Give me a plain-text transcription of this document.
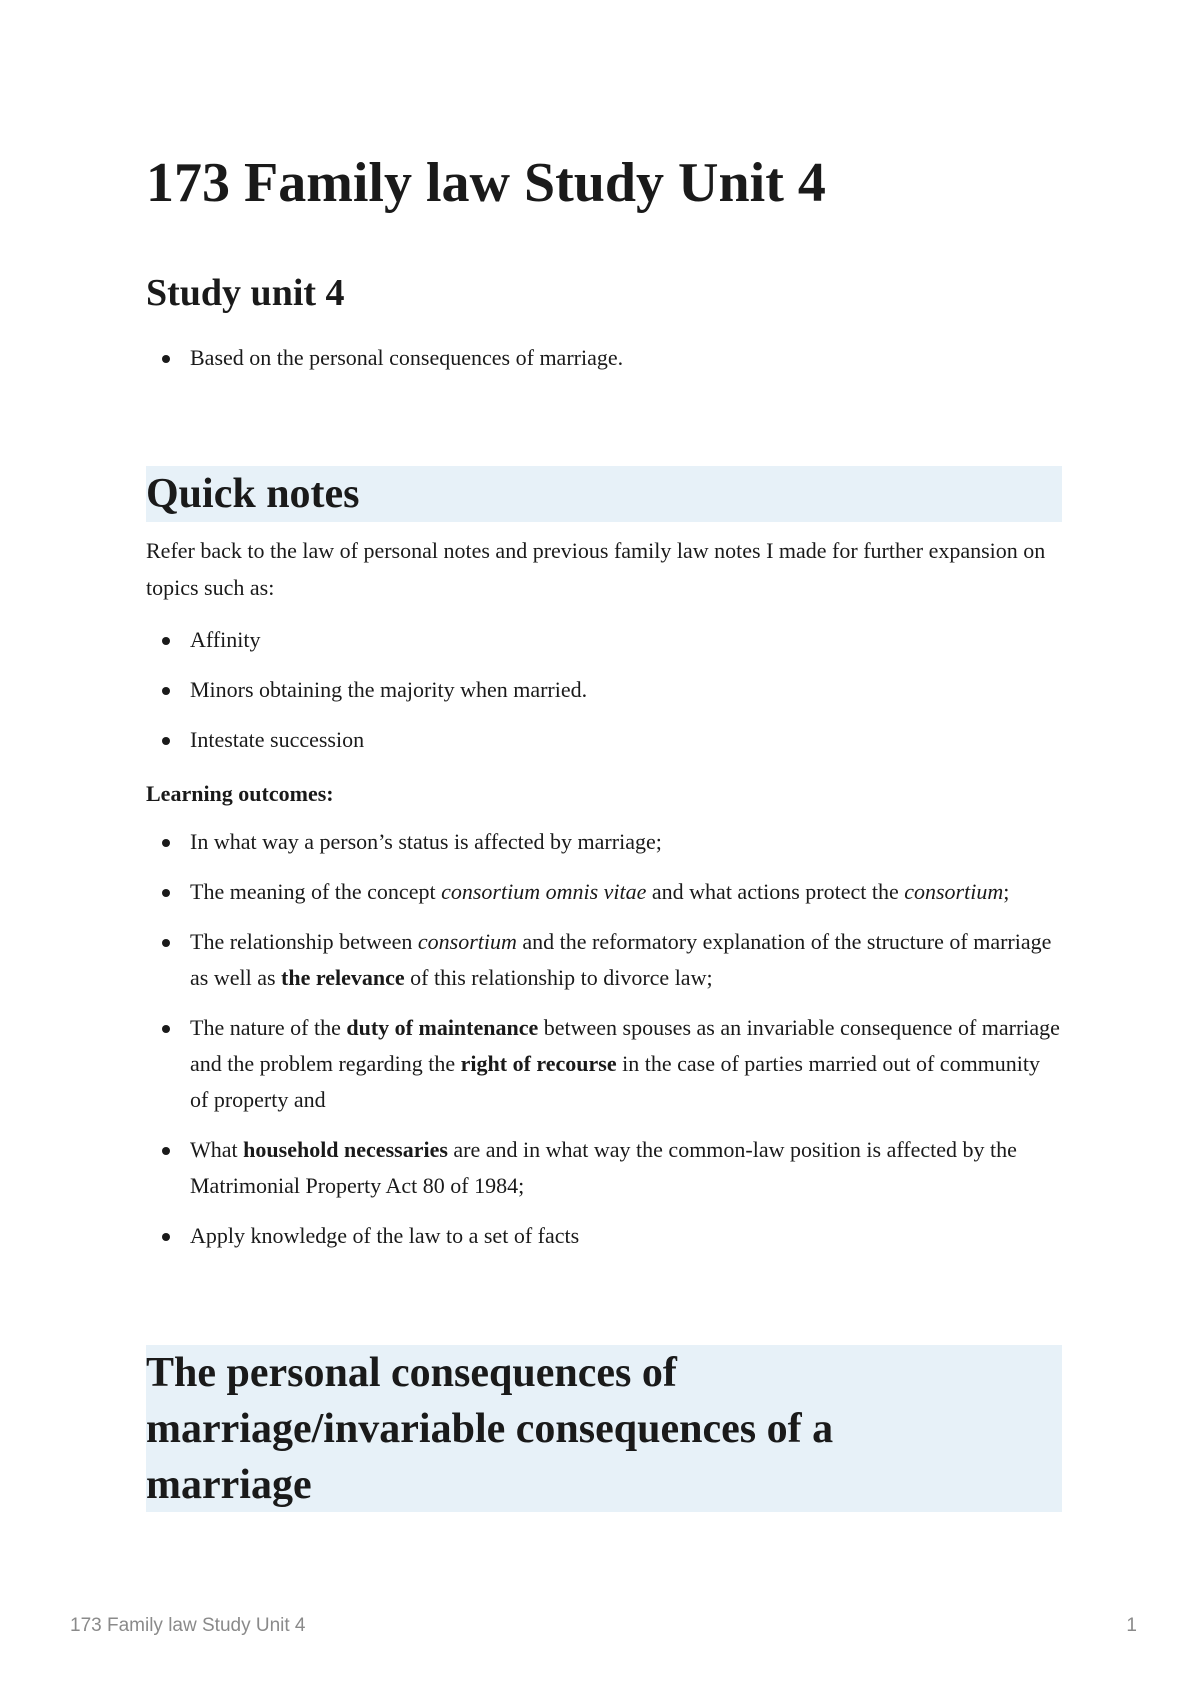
173 Family law Study Unit 4
Study unit 4
Based on the personal consequences of marriage.
Quick notes

Refer back to the law of personal notes and previous family law notes I made for further expansion on topics such as:

Affinity
Minors obtaining the majority when married.
Intestate succession

Learning outcomes:

In what way a person’s status is affected by marriage;
The meaning of the concept consortium omnis vitae and what actions protect the consortium;
The relationship between consortium and the reformatory explanation of the structure of marriage as well as the relevance of this relationship to divorce law;
The nature of the duty of maintenance between spouses as an invariable consequence of marriage and the problem regarding the right of recourse in the case of parties married out of community of property and
What household necessaries are and in what way the common-law position is affected by the Matrimonial Property Act 80 of 1984;
Apply knowledge of the law to a set of facts
The personal consequences of marriage/invariable consequences of a marriage
173 Family law Study Unit 4	1
